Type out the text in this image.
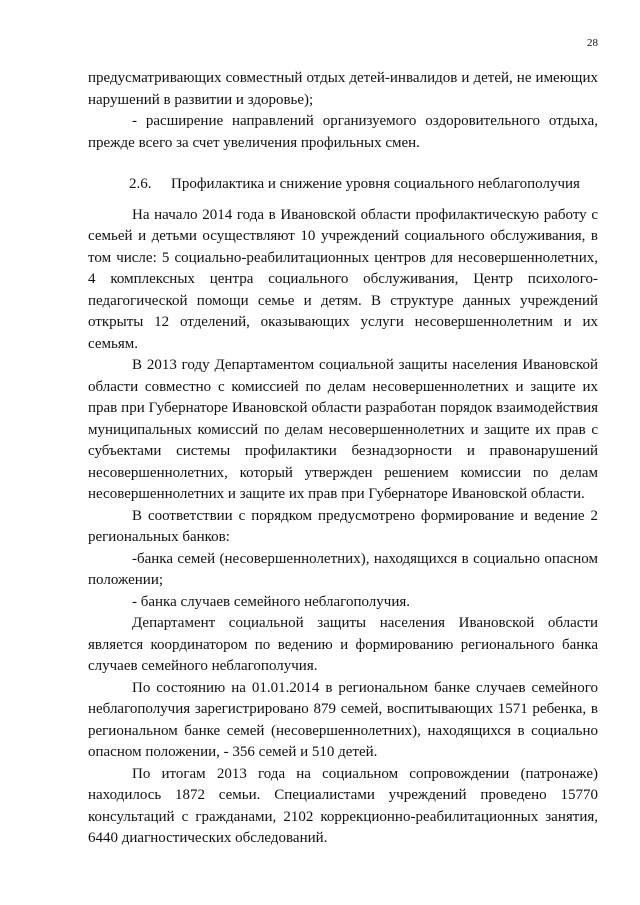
28

предусматривающих совместный отдых детей-инвалидов и детей, не имеющих нарушений в развитии и здоровье);

- расширение направлений организуемого оздоровительного отдыха, прежде всего за счет увеличения профильных смен.

2.6. Профилактика и снижение уровня социального неблагополучия

На начало 2014 года в Ивановской области профилактическую работу с семьей и детьми осуществляют 10 учреждений социального обслуживания, в том числе: 5 социально-реабилитационных центров для несовершеннолетних, 4 комплексных центра социального обслуживания, Центр психолого-педагогической помощи семье и детям. В структуре данных учреждений открыты 12 отделений, оказывающих услуги несовершеннолетним и их семьям.

В 2013 году Департаментом социальной защиты населения Ивановской области совместно с комиссией по делам несовершеннолетних и защите их прав при Губернаторе Ивановской области разработан порядок взаимодействия муниципальных комиссий по делам несовершеннолетних и защите их прав с субъектами системы профилактики безнадзорности и правонарушений несовершеннолетних, который утвержден решением комиссии по делам несовершеннолетних и защите их прав при Губернаторе Ивановской области.

В соответствии с порядком предусмотрено формирование и ведение 2 региональных банков:

-банка семей (несовершеннолетних), находящихся в социально опасном положении;

- банка случаев семейного неблагополучия.

Департамент социальной защиты населения Ивановской области является координатором по ведению и формированию регионального банка случаев семейного неблагополучия.

По состоянию на 01.01.2014 в региональном банке случаев семейного неблагополучия зарегистрировано 879 семей, воспитывающих 1571 ребенка, в региональном банке семей (несовершеннолетних), находящихся в социально опасном положении, - 356 семей и 510 детей.

По итогам 2013 года на социальном сопровождении (патронаже) находилось 1872 семьи. Специалистами учреждений проведено 15770 консультаций с гражданами, 2102 коррекционно-реабилитационных занятия, 6440 диагностических обследований.
